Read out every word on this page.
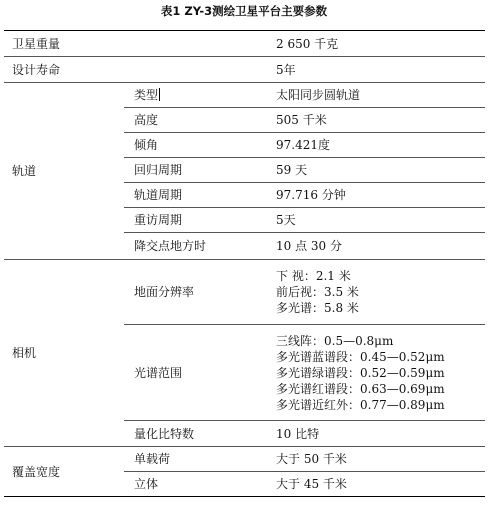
表1 ZY-3测绘卫星平台主要参数
卫星重量		2 650 千克
设计寿命		5年
轨道	类型	太阳同步圆轨道
	高度	505 千米
	倾角	97.421度
	回归周期	59 天
	轨道周期	97.716 分钟
	重访周期	5天
	降交点地方时	10 点 30 分
相机	地面分辨率	下 视：2.1 米
前后视：3.5 米
多光谱：5.8 米

	光谱范围	三线阵：0.5—0.8μm
多光谱蓝谱段：0.45—0.52μm
多光谱绿谱段：0.52—0.59μm
多光谱红谱段：0.63—0.69μm
多光谱近红外：0.77—0.89μm

	量化比特数	10 比特
覆盖宽度	单载荷	大于 50 千米
	立体	大于 45 千米
